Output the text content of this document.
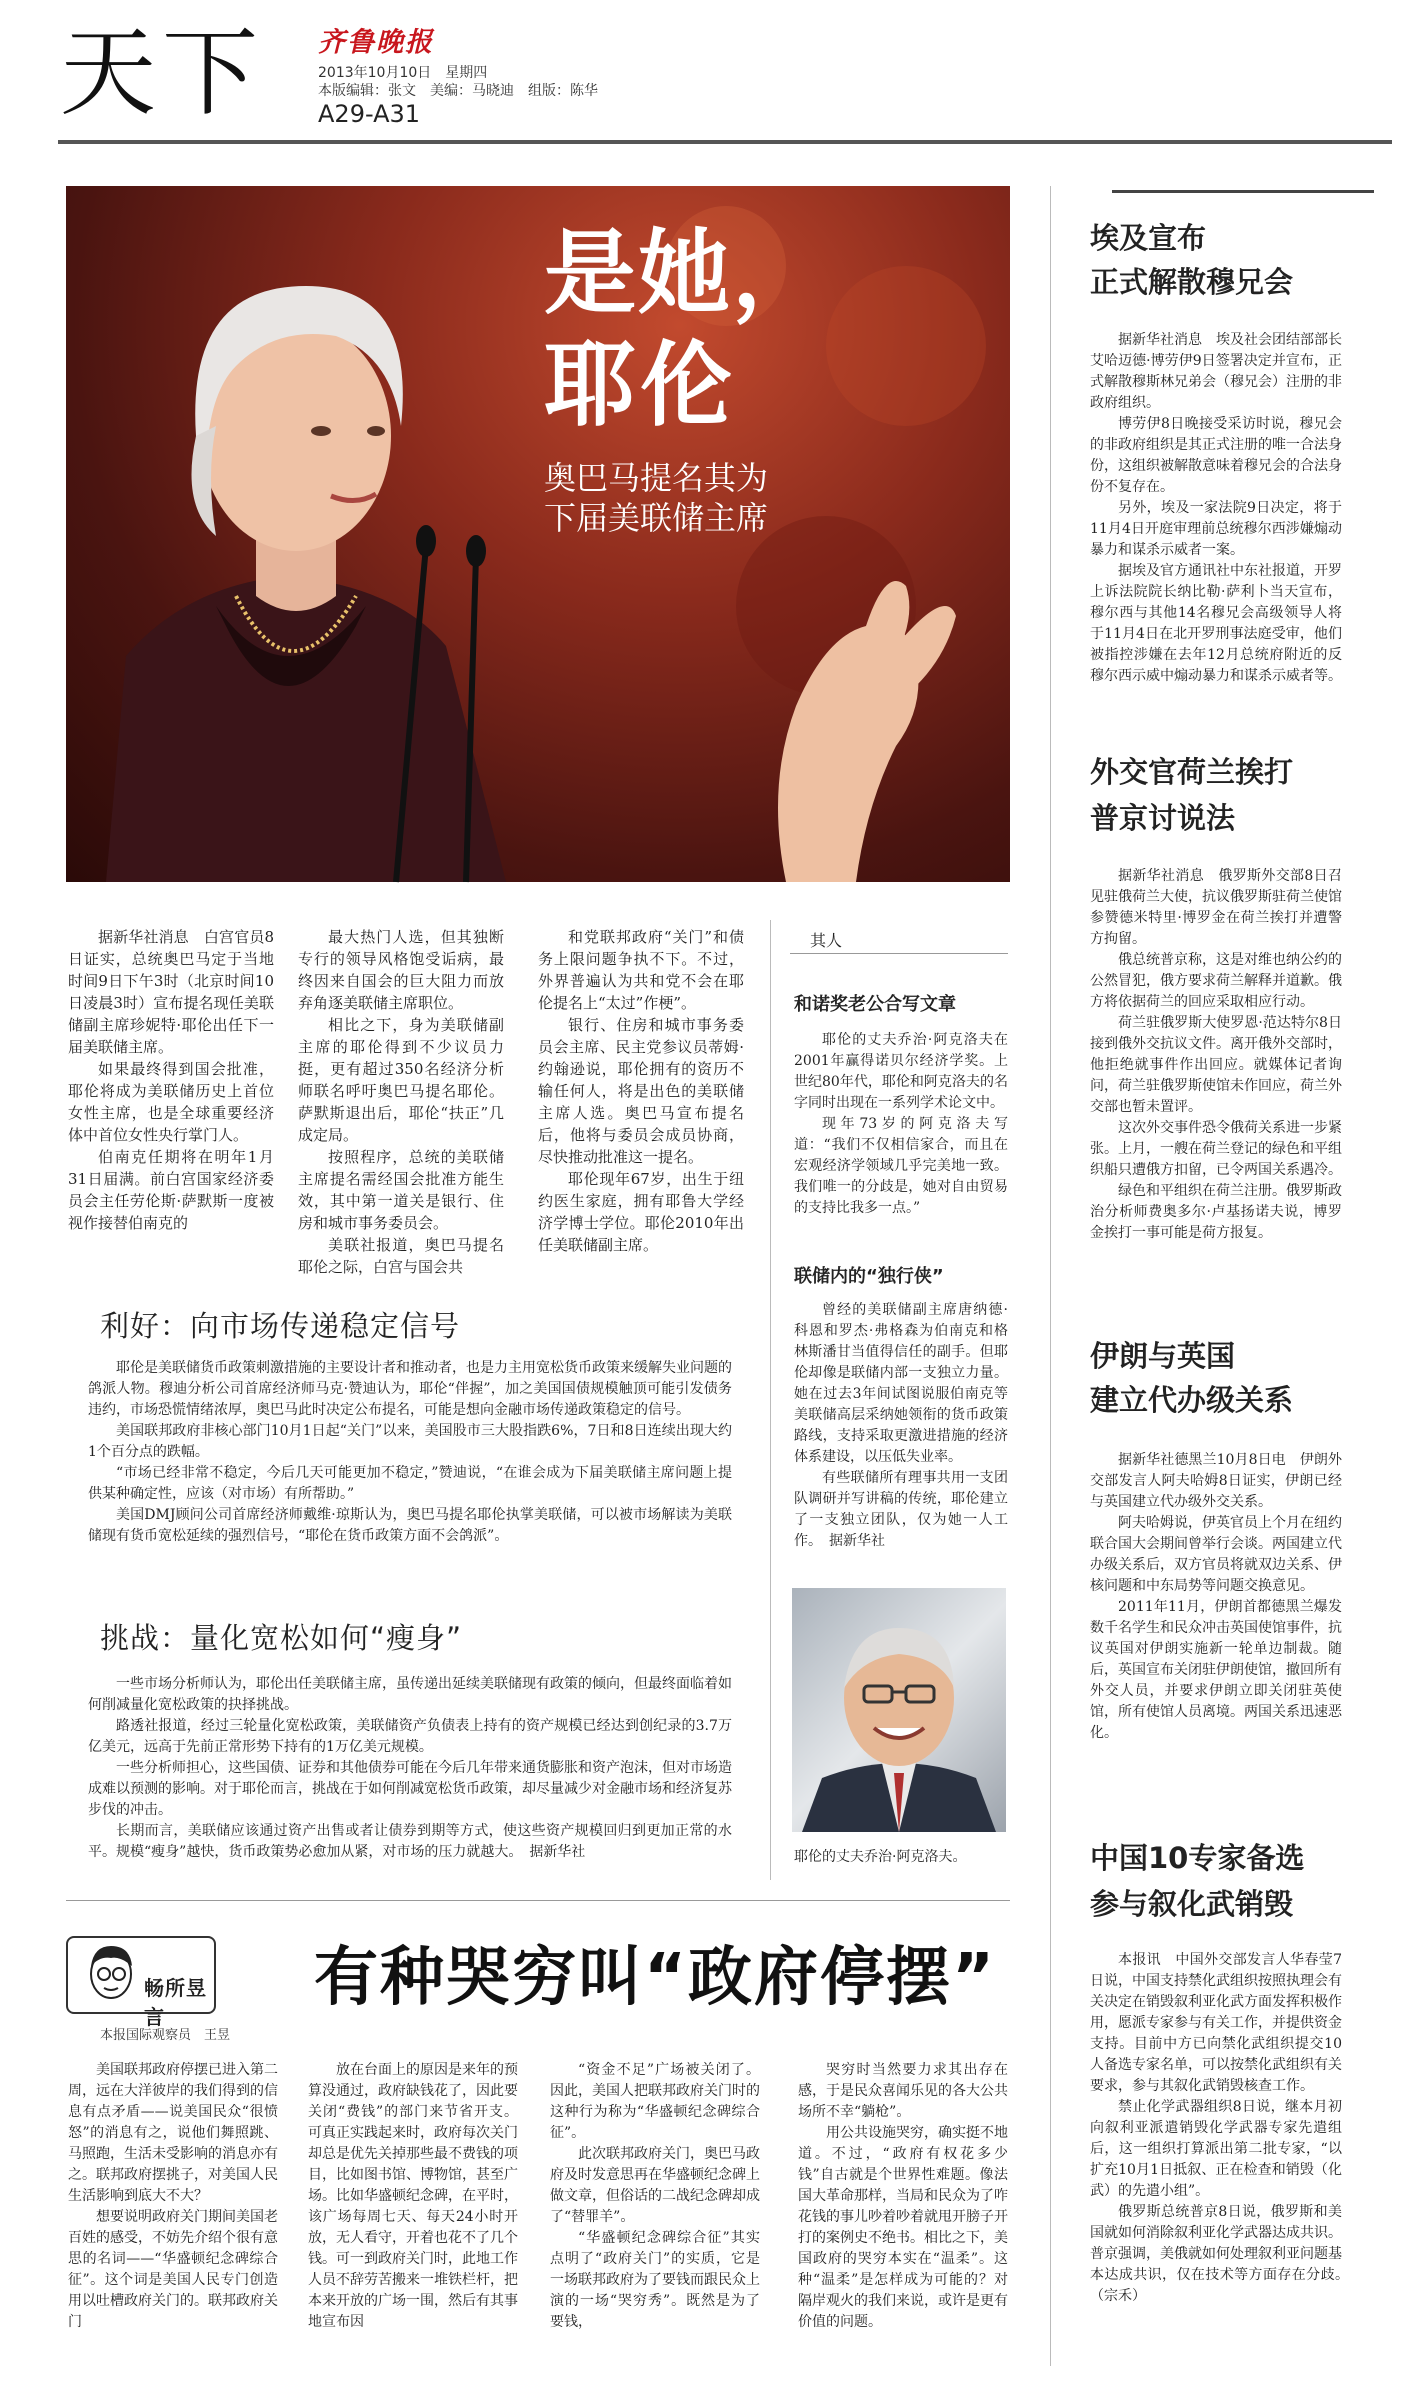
天下 齐鲁晚报
2013年10月10日　星期四
本版编辑：张文　美编：马晓迪　组版：陈华
A29-A31
是她，
耶伦
奥巴马提名其为
下届美联储主席

据新华社消息　白宫官员8日证实，总统奥巴马定于当地时间9日下午3时（北京时间10日凌晨3时）宣布提名现任美联储副主席珍妮特·耶伦出任下一届美联储主席。

如果最终得到国会批准，耶伦将成为美联储历史上首位女性主席，也是全球重要经济体中首位女性央行掌门人。

伯南克任期将在明年1月31日届满。前白宫国家经济委员会主任劳伦斯·萨默斯一度被视作接替伯南克的

最大热门人选，但其独断专行的领导风格饱受诟病，最终因来自国会的巨大阻力而放弃角逐美联储主席职位。

相比之下，身为美联储副主席的耶伦得到不少议员力挺，更有超过350名经济分析师联名呼吁奥巴马提名耶伦。萨默斯退出后，耶伦“扶正”几成定局。

按照程序，总统的美联储主席提名需经国会批准方能生效，其中第一道关是银行、住房和城市事务委员会。

美联社报道，奥巴马提名耶伦之际，白宫与国会共

和党联邦政府“关门”和债务上限问题争执不下。不过，外界普遍认为共和党不会在耶伦提名上“太过”作梗”。

银行、住房和城市事务委员会主席、民主党参议员蒂姆·约翰逊说，耶伦拥有的资历不输任何人，将是出色的美联储主席人选。奥巴马宣布提名后，他将与委员会成员协商，尽快推动批准这一提名。

耶伦现年67岁，出生于纽约医生家庭，拥有耶鲁大学经济学博士学位。耶伦2010年出任美联储副主席。

利好：向市场传递稳定信号

耶伦是美联储货币政策刺激措施的主要设计者和推动者，也是力主用宽松货币政策来缓解失业问题的鸽派人物。穆迪分析公司首席经济师马克·赞迪认为，耶伦“伴握”，加之美国国债规模触顶可能引发债务违约，市场恐慌情绪浓厚，奥巴马此时决定公布提名，可能是想向金融市场传递政策稳定的信号。

美国联邦政府非核心部门10月1日起“关门”以来，美国股市三大股指跌6%，7日和8日连续出现大约1个百分点的跌幅。

“市场已经非常不稳定，今后几天可能更加不稳定，”赞迪说，“在谁会成为下届美联储主席问题上提供某种确定性，应该（对市场）有所帮助。”

美国DMJ顾问公司首席经济师戴维·琼斯认为，奥巴马提名耶伦执掌美联储，可以被市场解读为美联储现有货币宽松延续的强烈信号，“耶伦在货币政策方面不会鸽派”。

挑战：量化宽松如何“瘦身”

一些市场分析师认为，耶伦出任美联储主席，虽传递出延续美联储现有政策的倾向，但最终面临着如何削减量化宽松政策的抉择挑战。

路透社报道，经过三轮量化宽松政策，美联储资产负债表上持有的资产规模已经达到创纪录的3.7万亿美元，远高于先前正常形势下持有的1万亿美元规模。

一些分析师担心，这些国债、证券和其他债券可能在今后几年带来通货膨胀和资产泡沫，但对市场造成难以预测的影响。对于耶伦而言，挑战在于如何削减宽松货币政策，却尽量减少对金融市场和经济复苏步伐的冲击。

长期而言，美联储应该通过资产出售或者让债券到期等方式，使这些资产规模回归到更加正常的水平。规模“瘦身”越快，货币政策势必愈加从紧，对市场的压力就越大。　据新华社

其人
和诺奖老公合写文章

耶伦的丈夫乔治·阿克洛夫在2001年赢得诺贝尔经济学奖。上世纪80年代，耶伦和阿克洛夫的名字同时出现在一系列学术论文中。

现年73岁的阿克洛夫写道：“我们不仅相信家合，而且在宏观经济学领域几乎完美地一致。我们唯一的分歧是，她对自由贸易的支持比我多一点。”

联储内的“独行侠”

曾经的美联储副主席唐纳德·科恩和罗杰·弗格森为伯南克和格林斯潘甘当值得信任的副手。但耶伦却像是联储内部一支独立力量。她在过去3年间试图说服伯南克等美联储高层采纳她领衔的货币政策路线，支持采取更激进措施的经济体系建设，以压低失业率。

有些联储所有理事共用一支团队调研并写讲稿的传统，耶伦建立了一支独立团队，仅为她一人工作。　据新华社

耶伦的丈夫乔治·阿克洛夫。
埃及宣布
正式解散穆兄会

据新华社消息　埃及社会团结部部长艾哈迈德·博劳伊9日签署决定并宣布，正式解散穆斯林兄弟会（穆兄会）注册的非政府组织。

博劳伊8日晚接受采访时说，穆兄会的非政府组织是其正式注册的唯一合法身份，这组织被解散意味着穆兄会的合法身份不复存在。

另外，埃及一家法院9日决定，将于11月4日开庭审理前总统穆尔西涉嫌煽动暴力和谋杀示威者一案。

据埃及官方通讯社中东社报道，开罗上诉法院院长纳比勒·萨利卜当天宣布，穆尔西与其他14名穆兄会高级领导人将于11月4日在北开罗刑事法庭受审，他们被指控涉嫌在去年12月总统府附近的反穆尔西示威中煽动暴力和谋杀示威者等。

外交官荷兰挨打
普京讨说法

据新华社消息　俄罗斯外交部8日召见驻俄荷兰大使，抗议俄罗斯驻荷兰使馆参赞德米特里·博罗金在荷兰挨打并遭警方拘留。

俄总统普京称，这是对维也纳公约的公然冒犯，俄方要求荷兰解释并道歉。俄方将依据荷兰的回应采取相应行动。

荷兰驻俄罗斯大使罗恩·范达特尔8日接到俄外交抗议文件。离开俄外交部时，他拒绝就事件作出回应。就媒体记者询问，荷兰驻俄罗斯使馆未作回应，荷兰外交部也暂未置评。

这次外交事件恐令俄荷关系进一步紧张。上月，一艘在荷兰登记的绿色和平组织船只遭俄方扣留，已令两国关系遇冷。

绿色和平组织在荷兰注册。俄罗斯政治分析师费奥多尔·卢基扬诺夫说，博罗金挨打一事可能是荷方报复。

伊朗与英国
建立代办级关系

据新华社德黑兰10月8日电　伊朗外交部发言人阿夫哈姆8日证实，伊朗已经与英国建立代办级外交关系。

阿夫哈姆说，伊英官员上个月在纽约联合国大会期间曾举行会谈。两国建立代办级关系后，双方官员将就双边关系、伊核问题和中东局势等问题交换意见。

2011年11月，伊朗首都德黑兰爆发数千名学生和民众冲击英国使馆事件，抗议英国对伊朗实施新一轮单边制裁。随后，英国宣布关闭驻伊朗使馆，撤回所有外交人员，并要求伊朗立即关闭驻英使馆，所有使馆人员离境。两国关系迅速恶化。

中国10专家备选
参与叙化武销毁

本报讯　中国外交部发言人华春莹7日说，中国支持禁化武组织按照执理会有关决定在销毁叙利亚化武方面发挥积极作用，愿派专家参与有关工作，并提供资金支持。目前中方已向禁化武组织提交10人备选专家名单，可以按禁化武组织有关要求，参与其叙化武销毁核查工作。

禁止化学武器组织8日说，继本月初向叙利亚派遣销毁化学武器专家先遣组后，这一组织打算派出第二批专家，“以扩充10月1日抵叙、正在检查和销毁（化武）的先遣小组”。

俄罗斯总统普京8日说，俄罗斯和美国就如何消除叙利亚化学武器达成共识。普京强调，美俄就如何处理叙利亚问题基本达成共识，仅在技术等方面存在分歧。　（宗禾）

畅所昱言
本报国际观察员　王昱
有种哭穷叫“政府停摆”

美国联邦政府停摆已进入第二周，远在大洋彼岸的我们得到的信息有点矛盾——说美国民众“很愤怒”的消息有之，说他们舞照跳、马照跑，生活未受影响的消息亦有之。联邦政府摆挑子，对美国人民生活影响到底大不大？

想要说明政府关门期间美国老百姓的感受，不妨先介绍个很有意思的名词——“华盛顿纪念碑综合征”。这个词是美国人民专门创造用以吐槽政府关门的。联邦政府关门

放在台面上的原因是来年的预算没通过，政府缺钱花了，因此要关闭“费钱”的部门来节省开支。可真正实践起来时，政府每次关门却总是优先关掉那些最不费钱的项目，比如图书馆、博物馆，甚至广场。比如华盛顿纪念碑，在平时，该广场每周七天、每天24小时开放，无人看守，开着也花不了几个钱。可一到政府关门时，此地工作人员不辞劳苦搬来一堆铁栏杆，把本来开放的广场一围，然后有其事地宣布因

“资金不足”广场被关闭了。因此，美国人把联邦政府关门时的这种行为称为“华盛顿纪念碑综合征”。

此次联邦政府关门，奥巴马政府及时发意思再在华盛顿纪念碑上做文章，但俗话的二战纪念碑却成了“替罪羊”。

“华盛顿纪念碑综合征”其实点明了“政府关门”的实质，它是一场联邦政府为了要钱而跟民众上演的一场“哭穷秀”。既然是为了要钱，

哭穷时当然要力求其出存在感，于是民众喜闻乐见的各大公共场所不幸“躺枪”。

用公共设施哭穷，确实挺不地道。不过，“政府有权花多少钱”自古就是个世界性难题。像法国大革命那样，当局和民众为了咋花钱的事儿吵着吵着就甩开膀子开打的案例史不绝书。相比之下，美国政府的哭穷本实在“温柔”。这种“温柔”是怎样成为可能的？对隔岸观火的我们来说，或许是更有价值的问题。
